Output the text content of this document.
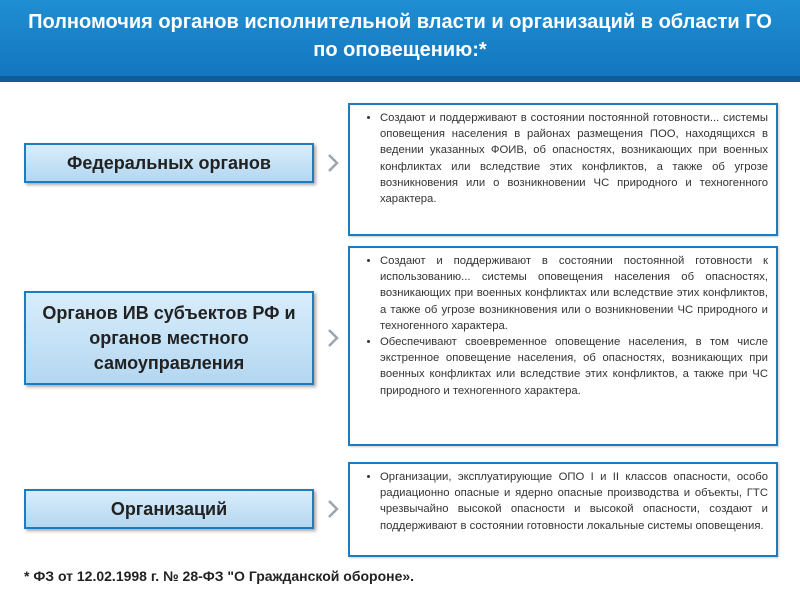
Полномочия органов исполнительной власти и организаций в области ГО по оповещению:*
Федеральных органов
• Создают и поддерживают в состоянии постоянной готовности... системы оповещения населения в районах размещения ПОО, находящихся в ведении указанных ФОИВ, об опасностях, возникающих при военных конфликтах или вследствие этих конфликтов, а также об угрозе возникновения или о возникновении ЧС природного и техногенного характера.
Органов ИВ субъектов РФ и органов местного самоуправления
• Создают и поддерживают в состоянии постоянной готовности к использованию... системы оповещения населения об опасностях, возникающих при военных конфликтах или вследствие этих конфликтов, а также об угрозе возникновения или о возникновении ЧС природного и техногенного характера.
• Обеспечивают своевременное оповещение населения, в том числе экстренное оповещение населения, об опасностях, возникающих при военных конфликтах или вследствие этих конфликтов, а также при ЧС природного и техногенного характера.
Организаций
• Организации, эксплуатирующие ОПО I и II классов опасности, особо радиационно опасные и ядерно опасные производства и объекты, ГТС чрезвычайно высокой опасности и высокой опасности, создают и поддерживают в состоянии готовности локальные системы оповещения.
* ФЗ от 12.02.1998 г. № 28-ФЗ "О Гражданской обороне».
